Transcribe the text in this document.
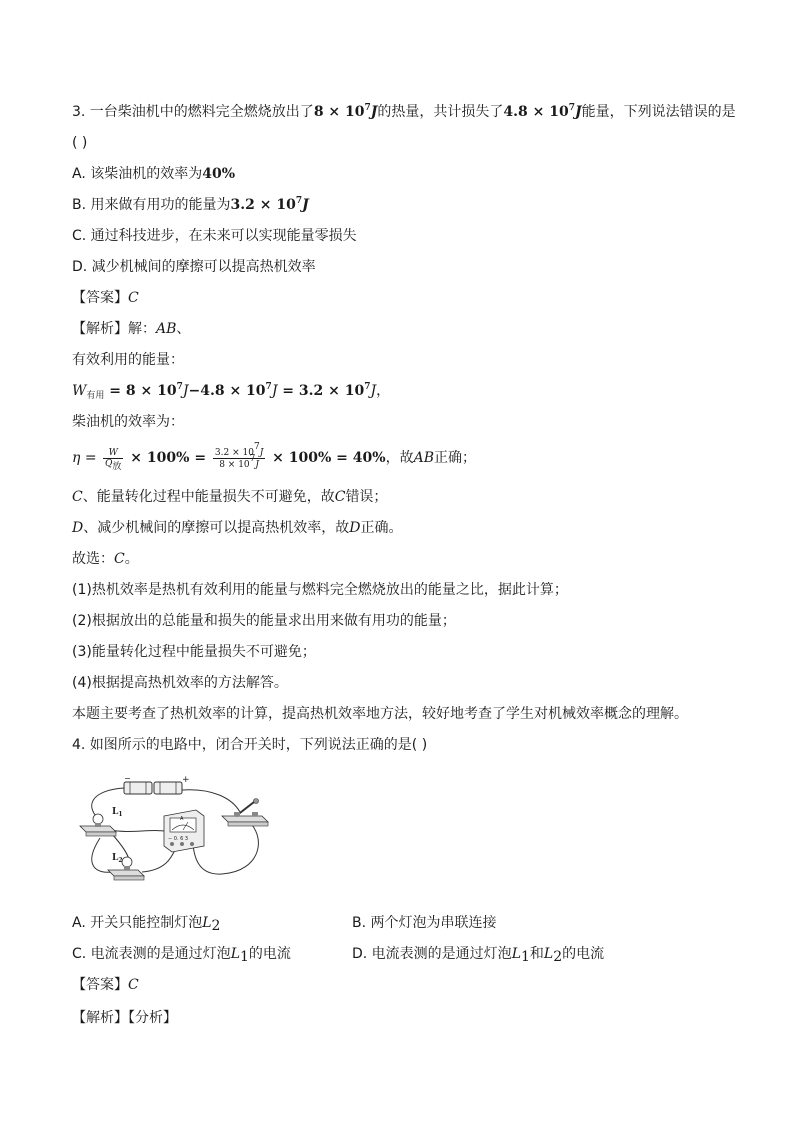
3. 一台柴油机中的燃料完全燃烧放出了$8 \times 10^7J$的热量，共计损失了$4.8 \times 10^7J$能量，下列说法错误的是
( )
A. 该柴油机的效率为40%
B. 用来做有用功的能量为$3.2 \times 10^7J$
C. 通过科技进步，在未来可以实现能量零损失
D. 减少机械间的摩擦可以提高热机效率
【答案】C
【解析】解：AB、
有效利用的能量：
$W_{有用} = 8 \times 10^7J-4.8 \times 10^7J = 3.2 \times 10^7J$，
柴油机的效率为：
$\eta = \frac{W}{Q_放} \times 100\% = \frac{3.2 \times 10^7J}{8 \times 10^7J} \times 100\% = 40\%$，故AB正确；
C、能量转化过程中能量损失不可避免，故C错误；
D、减少机械间的摩擦可以提高热机效率，故D正确。
故选：C。
(1)热机效率是热机有效利用的能量与燃料完全燃烧放出的能量之比，据此计算；
(2)根据放出的总能量和损失的能量求出用来做有用功的能量；
(3)能量转化过程中能量损失不可避免；
(4)根据提高热机效率的方法解答。
本题主要考查了热机效率的计算，提高热机效率地方法，较好地考查了学生对机械效率概念的理解。
4. 如图所示的电路中，闭合开关时，下列说法正确的是( )
−	+
$L_1$
$L_2$
A
− 0. 6 3
A. 开关只能控制灯泡$L_2$	B. 两个灯泡为串联连接
C. 电流表测的是通过灯泡$L_1$的电流	D. 电流表测的是通过灯泡$L_1$和$L_2$的电流
【答案】C
【解析】【分析】
